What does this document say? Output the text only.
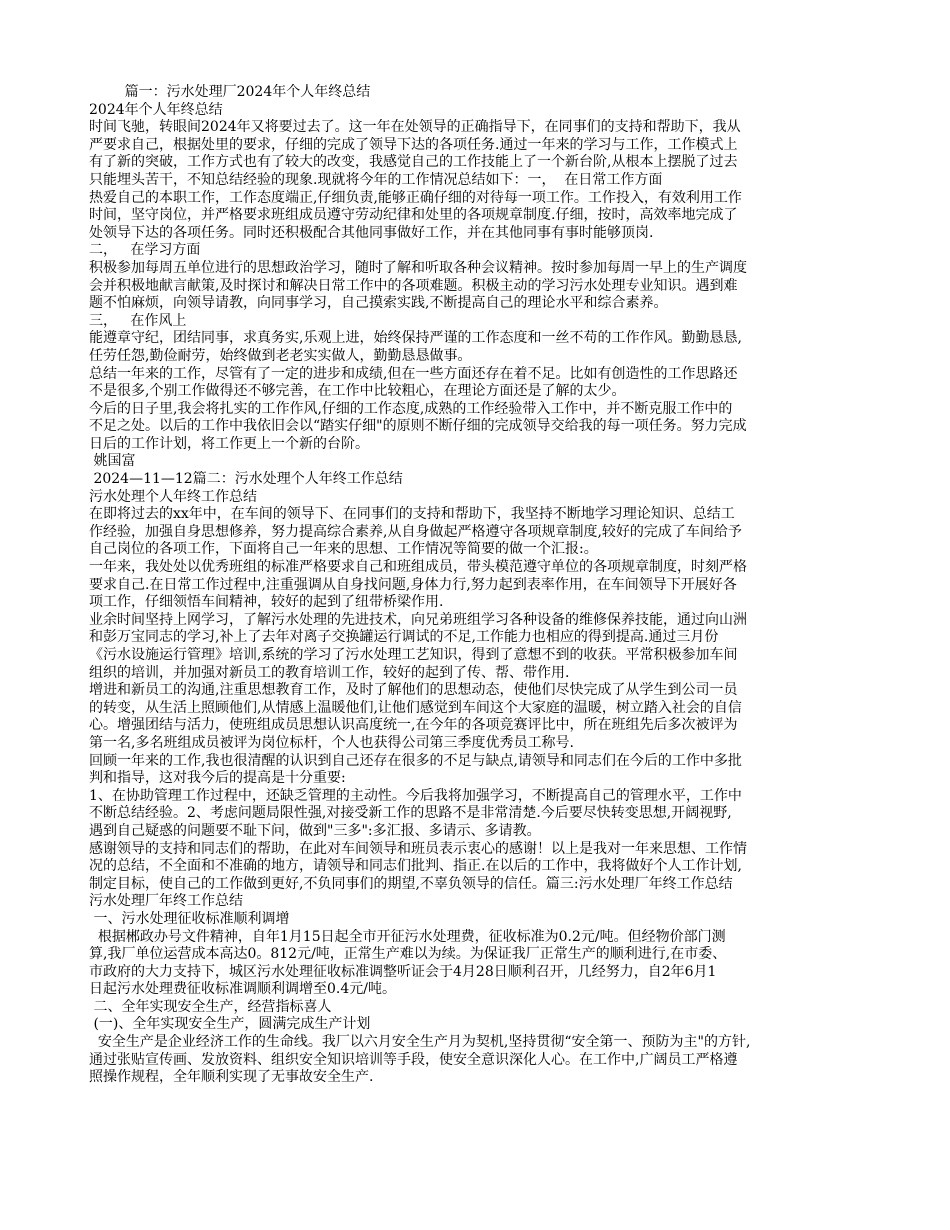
篇一：污水处理厂2024年个人年终总结
2024年个人年终总结
时间飞驰，转眼间2024年又将要过去了。这一年在处领导的正确指导下，在同事们的支持和帮助下，我从
严要求自己，根据处里的要求，仔细的完成了领导下达的各项任务.通过一年来的学习与工作，工作模式上
有了新的突破，工作方式也有了较大的改变，我感觉自己的工作技能上了一个新台阶,从根本上摆脱了过去
只能埋头苦干，不知总结经验的现象.现就将今年的工作情况总结如下：一，  在日常工作方面
热爱自己的本职工作，工作态度端正,仔细负责,能够正确仔细的对待每一项工作。工作投入，有效利用工作
时间，坚守岗位，并严格要求班组成员遵守劳动纪律和处里的各项规章制度.仔细，按时，高效率地完成了
处领导下达的各项任务。同时还积极配合其他同事做好工作，并在其他同事有事时能够顶岗.
二，   在学习方面
积极参加每周五单位进行的思想政治学习，随时了解和听取各种会议精神。按时参加每周一早上的生产调度
会并积极地献言献策,及时探讨和解决日常工作中的各项难题。积极主动的学习污水处理专业知识。遇到难
题不怕麻烦，向领导请教，向同事学习，自己摸索实践,不断提高自己的理论水平和综合素养。
三，   在作风上
能遵章守纪，团结同事，求真务实,乐观上进，始终保持严谨的工作态度和一丝不苟的工作作风。勤勤恳恳,
任劳任怨,勤俭耐劳，始终做到老老实实做人，勤勤恳恳做事。
总结一年来的工作，尽管有了一定的进步和成绩,但在一些方面还存在着不足。比如有创造性的工作思路还
不是很多,个别工作做得还不够完善，在工作中比较粗心，在理论方面还是了解的太少。
今后的日子里,我会将扎实的工作作风,仔细的工作态度,成熟的工作经验带入工作中，并不断克服工作中的
不足之处。以后的工作中我依旧会以“踏实仔细"的原则不断仔细的完成领导交给我的每一项任务。努力完成
日后的工作计划，将工作更上一个新的台阶。
姚国富
2024—11—12篇二：污水处理个人年终工作总结
污水处理个人年终工作总结
在即将过去的xx年中，在车间的领导下、在同事们的支持和帮助下，我坚持不断地学习理论知识、总结工
作经验，加强自身思想修养，努力提高综合素养,从自身做起严格遵守各项规章制度,较好的完成了车间给予
自己岗位的各项工作，下面将自己一年来的思想、工作情况等简要的做一个汇报:。
一年来，我处处以优秀班组的标准严格要求自己和班组成员，带头模范遵守单位的各项规章制度，时刻严格
要求自己.在日常工作过程中,注重强调从自身找问题,身体力行,努力起到表率作用，在车间领导下开展好各
项工作，仔细领悟车间精神，较好的起到了纽带桥梁作用.
业余时间坚持上网学习，了解污水处理的先进技术，向兄弟班组学习各种设备的维修保养技能，通过向山洲
和彭万宝同志的学习,补上了去年对离子交换罐运行调试的不足,工作能力也相应的得到提高.通过三月份
《污水设施运行管理》培训,系统的学习了污水处理工艺知识，得到了意想不到的收获。平常积极参加车间
组织的培训，并加强对新员工的教育培训工作，较好的起到了传、帮、带作用.
增进和新员工的沟通,注重思想教育工作，及时了解他们的思想动态，使他们尽快完成了从学生到公司一员
的转变，从生活上照顾他们,从情感上温暖他们,让他们感觉到车间这个大家庭的温暖，树立踏入社会的自信
心。增强团结与活力，使班组成员思想认识高度统一,在今年的各项竞赛评比中，所在班组先后多次被评为
第一名,多名班组成员被评为岗位标杆，个人也获得公司第三季度优秀员工称号.
回顾一年来的工作,我也很清醒的认识到自己还存在很多的不足与缺点,请领导和同志们在今后的工作中多批
判和指导，这对我今后的提高是十分重要:
1、在协助管理工作过程中，还缺乏管理的主动性。今后我将加强学习，不断提高自己的管理水平，工作中
不断总结经验。2、考虑问题局限性强,对接受新工作的思路不是非常清楚.今后要尽快转变思想,开阔视野,
遇到自己疑惑的问题要不耻下问，做到"三多":多汇报、多请示、多请教。
感谢领导的支持和同志们的帮助，在此对车间领导和班员表示衷心的感谢！以上是我对一年来思想、工作情
况的总结，不全面和不准确的地方，请领导和同志们批判、指正.在以后的工作中，我将做好个人工作计划,
制定目标，使自己的工作做到更好,不负同事们的期望,不辜负领导的信任。篇三:污水处理厂年终工作总结
污水处理厂年终工作总结
一、污水处理征收标准顺利调增
根据郴政办号文件精神，自年1月15日起全市开征污水处理费，征收标准为0.2元/吨。但经物价部门测
算,我厂单位运营成本高达0。812元/吨，正常生产难以为续。为保证我厂正常生产的顺利进行,在市委、
市政府的大力支持下，城区污水处理征收标准调整听证会于4月28日顺利召开，几经努力，自2年6月1
日起污水处理费征收标准调顺利调增至0.4元/吨。
二、全年实现安全生产，经营指标喜人
(一)、全年实现安全生产，圆满完成生产计划
安全生产是企业经济工作的生命线。我厂以六月安全生产月为契机,坚持贯彻“安全第一、预防为主"的方针,
通过张贴宣传画、发放资料、组织安全知识培训等手段，使安全意识深化人心。在工作中,广阔员工严格遵
照操作规程，全年顺利实现了无事故安全生产.
